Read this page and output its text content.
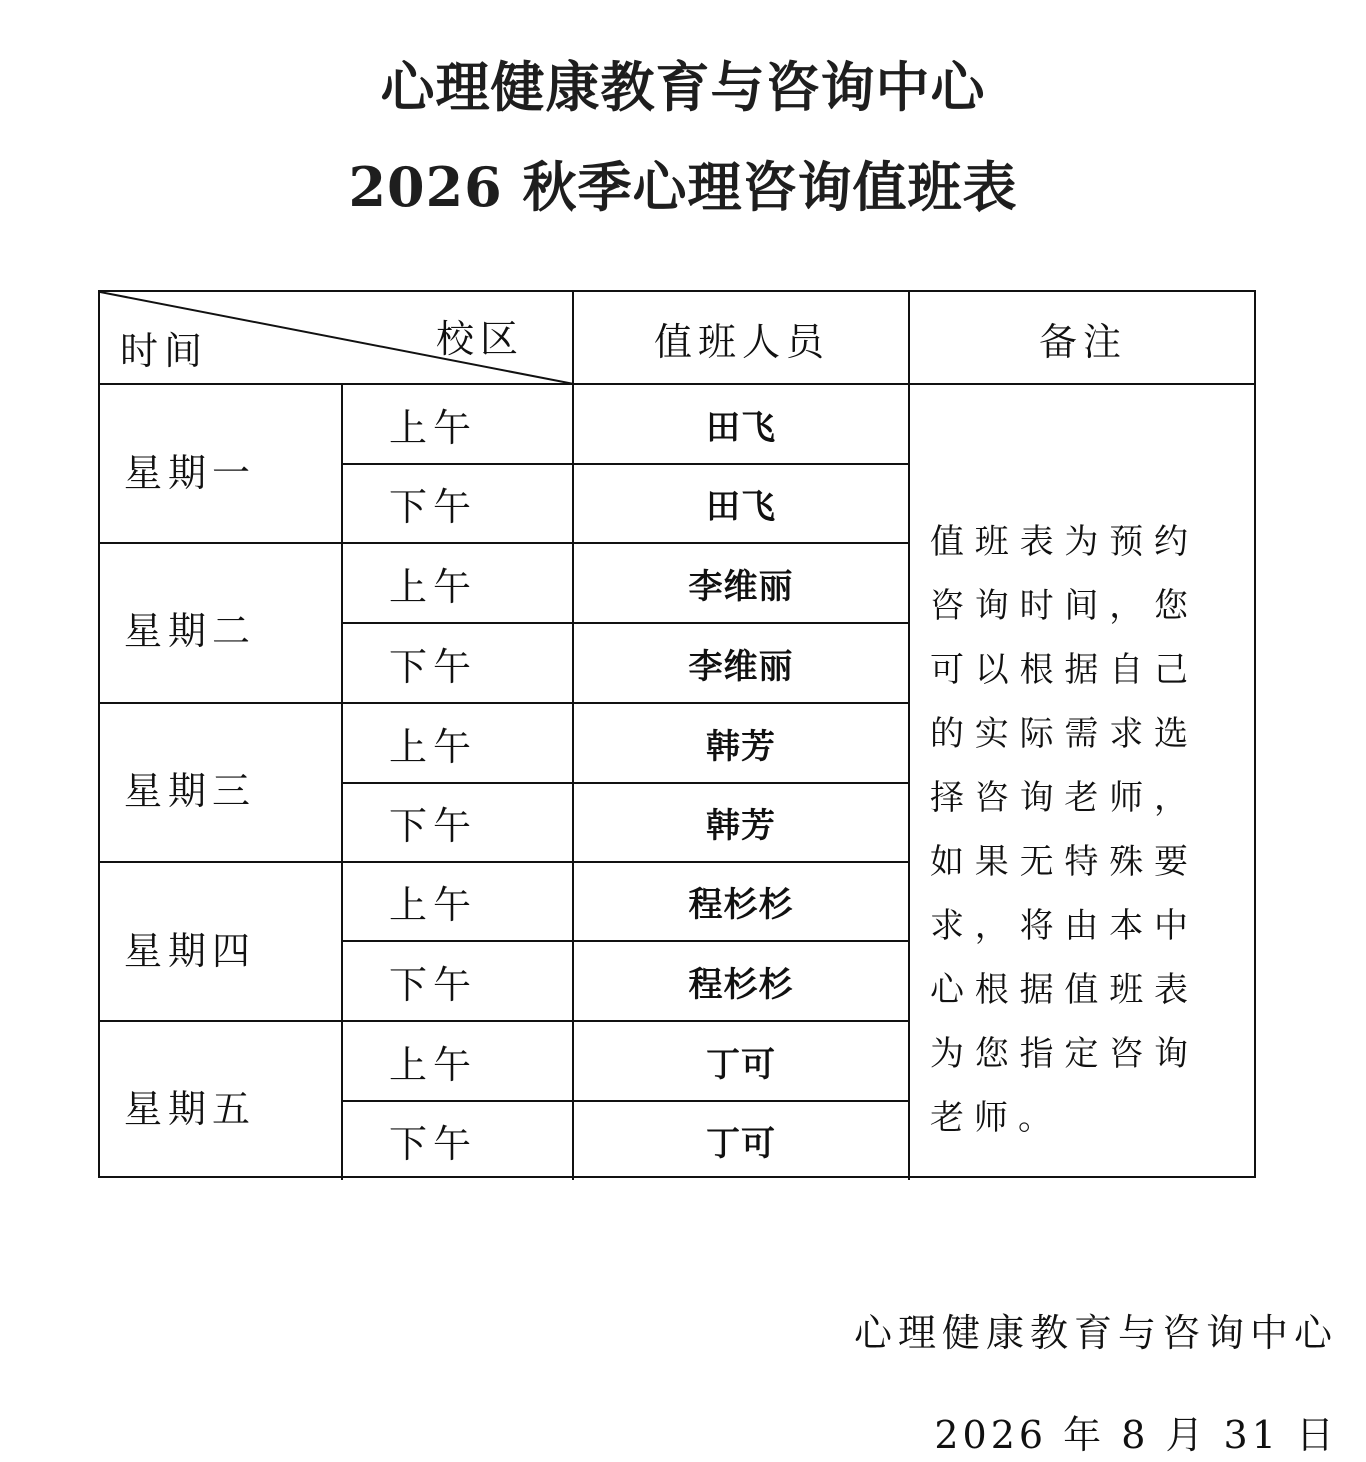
心理健康教育与咨询中心
2026 秋季心理咨询值班表
时间	校区	值班人员	备注
星期一
上午	田飞
下午	田飞
星期二
上午	李维丽
下午	李维丽
星期三
上午	韩芳
下午	韩芳
星期四
上午	程杉杉
下午	程杉杉
星期五
上午	丁可
下午	丁可
值班表为预约咨询时间，您可以根据自己的实际需求选择咨询老师，如果无特殊要求，将由本中心根据值班表为您指定咨询老师。
心理健康教育与咨询中心
2026 年 8 月 31 日
